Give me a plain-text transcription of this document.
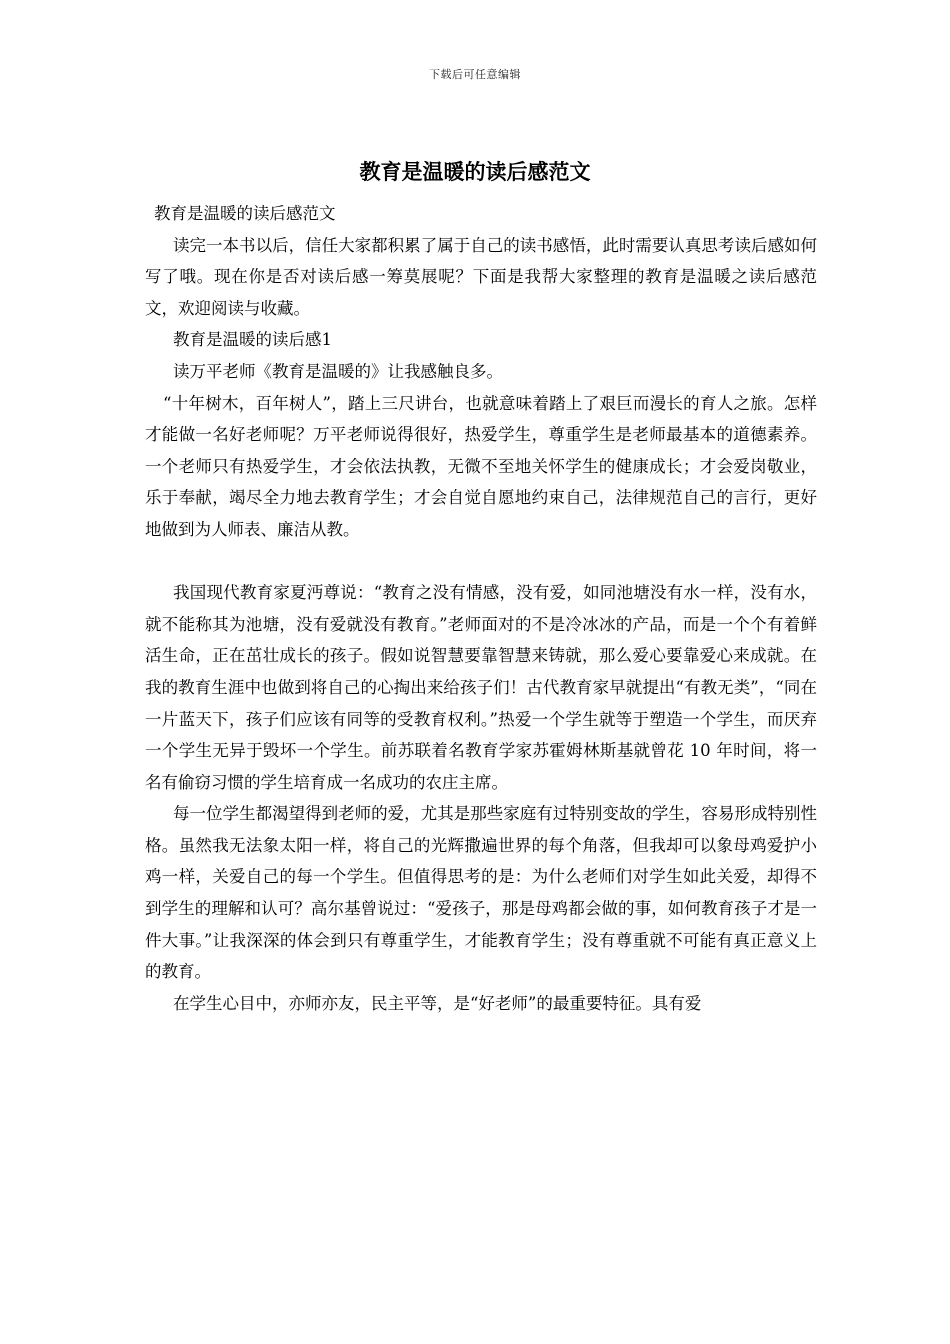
下载后可任意编辑
教育是温暖的读后感范文

教育是温暖的读后感范文

读完一本书以后，信任大家都积累了属于自己的读书感悟，此时需要认真思考读后感如何写了哦。现在你是否对读后感一筹莫展呢？下面是我帮大家整理的教育是温暖之读后感范文，欢迎阅读与收藏。

教育是温暖的读后感1

读万平老师《教育是温暖的》让我感触良多。

“十年树木，百年树人”，踏上三尺讲台，也就意味着踏上了艰巨而漫长的育人之旅。怎样才能做一名好老师呢？万平老师说得很好，热爱学生，尊重学生是老师最基本的道德素养。一个老师只有热爱学生，才会依法执教，无微不至地关怀学生的健康成长；才会爱岗敬业，乐于奉献，竭尽全力地去教育学生；才会自觉自愿地约束自己，法律规范自己的言行，更好地做到为人师表、廉洁从教。

我国现代教育家夏沔尊说：“教育之没有情感，没有爱，如同池塘没有水一样，没有水，就不能称其为池塘，没有爱就没有教育。”老师面对的不是冷冰冰的产品，而是一个个有着鲜活生命，正在茁壮成长的孩子。假如说智慧要靠智慧来铸就，那么爱心要靠爱心来成就。在我的教育生涯中也做到将自己的心掏出来给孩子们！古代教育家早就提出“有教无类”，“同在一片蓝天下，孩子们应该有同等的受教育权利。”热爱一个学生就等于塑造一个学生，而厌弃一个学生无异于毁坏一个学生。前苏联着名教育学家苏霍姆林斯基就曾花 10 年时间，将一名有偷窃习惯的学生培育成一名成功的农庄主席。

每一位学生都渴望得到老师的爱，尤其是那些家庭有过特别变故的学生，容易形成特别性格。虽然我无法象太阳一样，将自己的光辉撒遍世界的每个角落，但我却可以象母鸡爱护小鸡一样，关爱自己的每一个学生。但值得思考的是：为什么老师们对学生如此关爱，却得不到学生的理解和认可？高尔基曾说过：“爱孩子，那是母鸡都会做的事，如何教育孩子才是一件大事。”让我深深的体会到只有尊重学生，才能教育学生；没有尊重就不可能有真正意义上的教育。

在学生心目中，亦师亦友，民主平等，是“好老师”的最重要特征。具有爱
